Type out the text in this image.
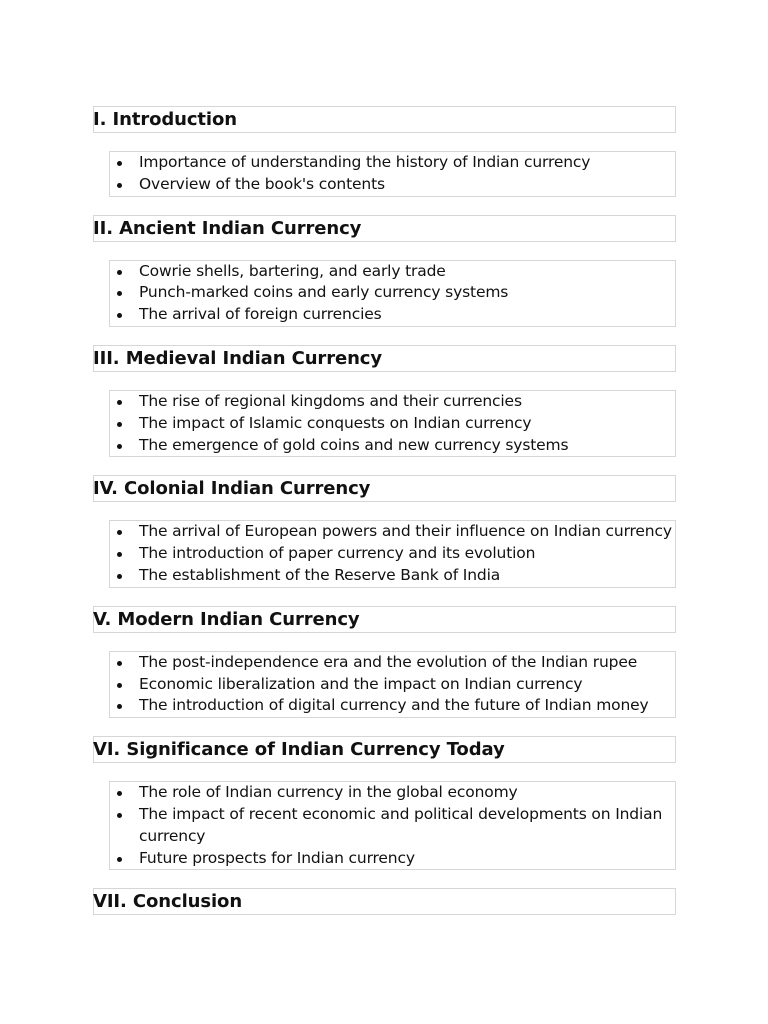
I. Introduction
Importance of understanding the history of Indian currency
Overview of the book's contents
II. Ancient Indian Currency
Cowrie shells, bartering, and early trade
Punch-marked coins and early currency systems
The arrival of foreign currencies
III. Medieval Indian Currency
The rise of regional kingdoms and their currencies
The impact of Islamic conquests on Indian currency
The emergence of gold coins and new currency systems
IV. Colonial Indian Currency
The arrival of European powers and their influence on Indian currency
The introduction of paper currency and its evolution
The establishment of the Reserve Bank of India
V. Modern Indian Currency
The post-independence era and the evolution of the Indian rupee
Economic liberalization and the impact on Indian currency
The introduction of digital currency and the future of Indian money
VI. Significance of Indian Currency Today
The role of Indian currency in the global economy
The impact of recent economic and political developments on Indian currency
Future prospects for Indian currency
VII. Conclusion
